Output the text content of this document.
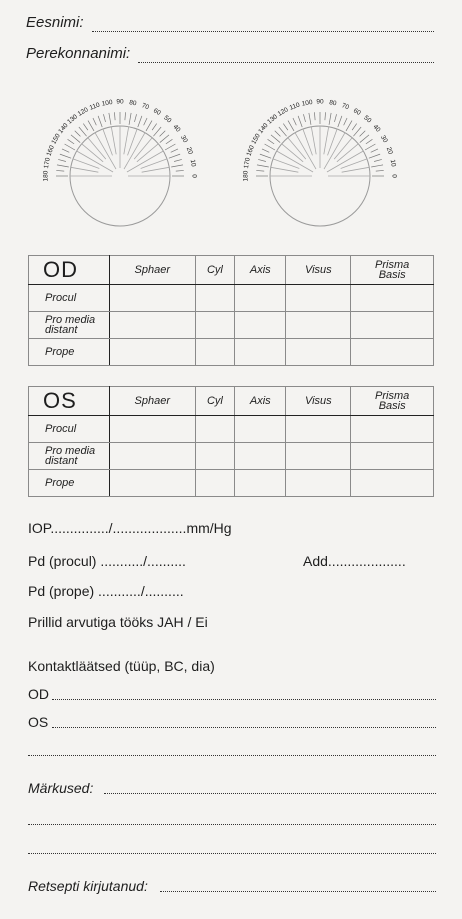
Eesnimi:
Perekonnanimi:
180
170
160
150
140
130
120 110 100 90 80 70
60
50
40
30
20
10
0	180
170
160
150
140
130
120 110 100 90 80 70
60
50
40
30
20
10
0
OD	Sphaer	Cyl	Axis	Visus	Prisma
Basis
Procul					
Pro media
distant					
Prope					
OS	Sphaer	Cyl	Axis	Visus	Prisma
Basis
Procul					
Pro media
distant					
Prope					
IOP.............../...................mm/Hg
Pd (procul) .........../..........	Add....................
Pd (prope) .........../..........
Prillid arvutiga tööks JAH / Ei
Kontaktläätsed (tüüp, BC, dia)
OD
OS
Märkused:
Retsepti kirjutanud:
